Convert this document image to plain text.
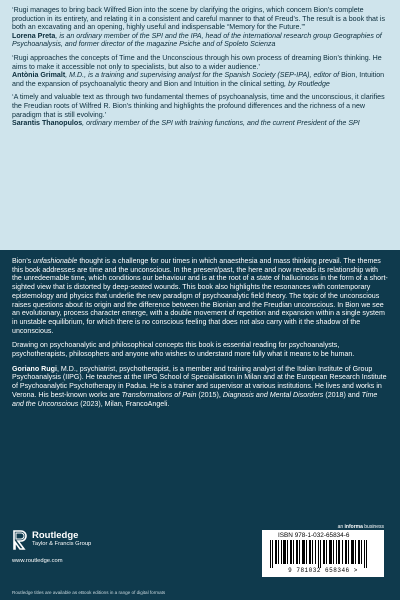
‘Rugi manages to bring back Wilfred Bion into the scene by clarifying the origins, which concern Bion’s complete production in its entirety, and relating it in a consistent and careful manner to that of Freud’s. The result is a book that is both an excavating and an opening, highly useful and indispensable “Memory for the Future.”’
Lorena Preta, is an ordinary member of the SPI and the IPA, head of the international research group Geographies of Psychoanalysis, and former director of the magazine Psiche and of Spoleto Scienza
‘Rugi approaches the concepts of Time and the Unconscious through his own process of dreaming Bion’s thinking. He aims to make it accessible not only to specialists, but also to a wider audience.’
Antònia Grimalt, M.D., is a training and supervising analyst for the Spanish Society (SEP-IPA), editor of Bion, Intuition and the expansion of psychoanalytic theory and Bion and Intuition in the clinical setting, by Routledge
‘A timely and valuable text as through two fundamental themes of psychoanalysis, time and the unconscious, it clarifies the Freudian roots of Wilfred R. Bion’s thinking and highlights the profound differences and the richness of a new paradigm that is still evolving.’
Sarantis Thanopulos, ordinary member of the SPI with training functions, and the current President of the SPI

Bion’s unfashionable thought is a challenge for our times in which anaesthesia and mass thinking prevail. The themes this book addresses are time and the unconscious. In the present/past, the here and now reveals its relationship with the unredeemable time, which conditions our behaviour and is at the root of a state of hallucinosis in the form of a short-sighted view that is distorted by deep-seated wounds. This book also highlights the resonances with contemporary epistemology and physics that underlie the new paradigm of psychoanalytic field theory. The topic of the unconscious raises questions about its origin and the difference between the Bionian and the Freudian unconscious. In Bion we see an evolutionary, process character emerge, with a double movement of repetition and expansion within a single system in unstable equilibrium, for which there is no conscious feeling that does not also carry with it the shadow of the unconscious.

Drawing on psychoanalytic and philosophical concepts this book is essential reading for psychoanalysts, psychotherapists, philosophers and anyone who wishes to understand more fully what it means to be human.

Goriano Rugi, M.D., psychiatrist, psychotherapist, is a member and training analyst of the Italian Institute of Group Psychoanalysis (IIPG). He teaches at the IIPG School of Specialisation in Milan and at the European Research Institute of Psychoanalytic Psychotherapy in Padua. He is a trainer and supervisor at various institutions. He lives and works in Verona. His best-known works are Transformations of Pain (2015), Diagnosis and Mental Disorders (2018) and Time and the Unconscious (2023), Milan, FrancoAngeli.

Routledge
Taylor & Francis Group
www.routledge.com
an informa business
ISBN 978-1-032-65834-6
9 781032 658346 >
Routledge titles are available as eBook editions in a range of digital formats
